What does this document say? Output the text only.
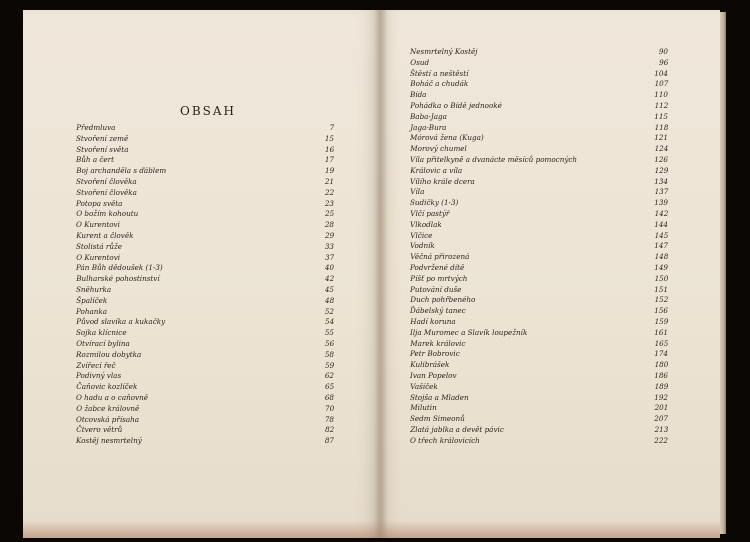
OBSAH
Předmluva	7
Stvoření země	15
Stvoření světa	16
Bůh a čert	17
Boj archanděla s ďáblem	19
Stvoření člověka	21
Stvoření člověka	22
Potopa světa	23
O božím kohoutu	25
O Kurentovi	28
Kurent a člověk	29
Stolistá růže	33
O Kurentovi	37
Pán Bůh dědoušek (1-3)	40
Bulharské pohostinství	42
Sněhurka	45
Špalíček	48
Pohanka	52
Původ slavíka a kukačky	54
Sojka klícnice	55
Otvírací bylina	56
Rozmilou dobytka	58
Zvířecí řeč	59
Podivný vlas	62
Čaňovic kozlíček	65
O hadu a o caňovně	68
O žabce královně	70
Otcovská přísaha	78
Čtvero větrů	82
Kostěj nesmrtelný	87
Nesmrtelný Kostěj	90
Osud	96
Štěstí a neštěstí	104
Boháč a chudák	107
Bída	110
Pohádka o Bídě jednooké	112
Baba-Jaga	115
Jaga-Bura	118
Mórová žena (Kuga)	121
Morový chumel	124
Víla přitelkyně a dvanácte měsíců pomocných	126
Královic a víla	129
Vílího krále dcera	134
Víla	137
Sudičky (1-3)	139
Vlčí pastýř	142
Vlkodlak	144
Vlčice	145
Vodník	147
Věčná přirozená	148
Podvržené dítě	149
Píšť po mrtvých	150
Putování duše	151
Duch pohřbeného	152
Ďábelský tanec	156
Hadí koruna	159
Ilja Muromec a Slavík loupežník	161
Marek královic	165
Petr Bobrovic	174
Kulibrášek	180
Ivan Popelov	186
Vašíček	189
Stojša a Mladen	192
Milutin	201
Sedm Simeonů	207
Zlatá jablka a devět pávic	213
O třech královicích	222
